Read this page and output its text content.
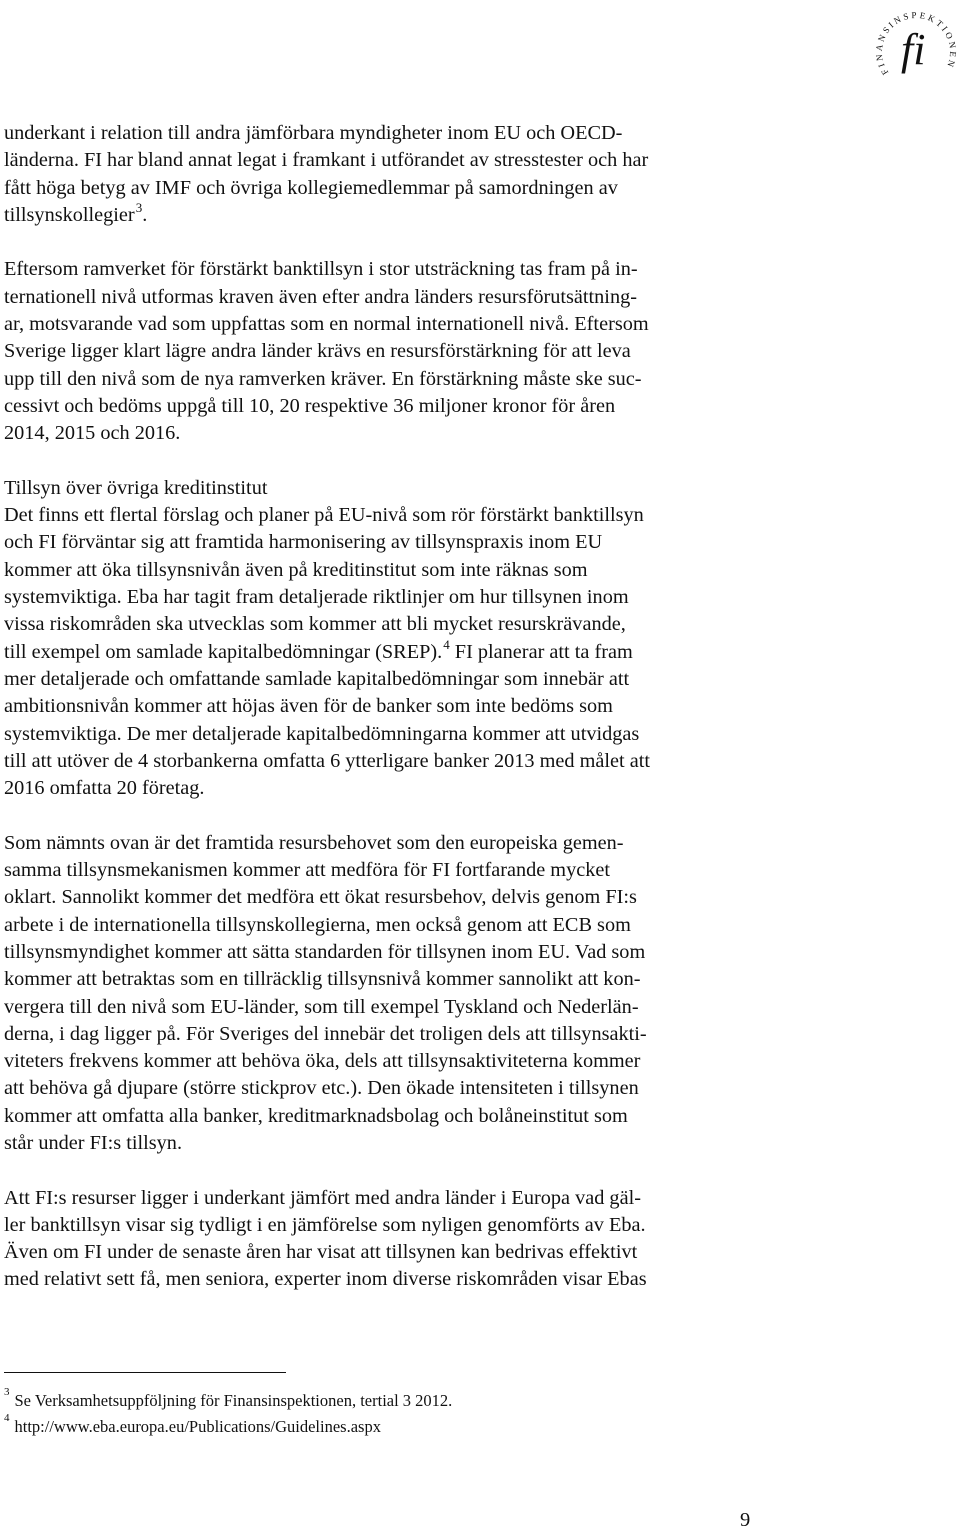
FINANSINSPEKTIONEN
fi

underkant i relation till andra jämförbara myndigheter inom EU och OECD-
länderna. FI har bland annat legat i framkant i utförandet av stresstester och har
fått höga betyg av IMF och övriga kollegiemedlemmar på samordningen av
tillsynskollegier$^3$.

Eftersom ramverket för förstärkt banktillsyn i stor utsträckning tas fram på in-
ternationell nivå utformas kraven även efter andra länders resursförutsättning-
ar, motsvarande vad som uppfattas som en normal internationell nivå. Eftersom
Sverige ligger klart lägre andra länder krävs en resursförstärkning för att leva
upp till den nivå som de nya ramverken kräver. En förstärkning måste ske suc-
cessivt och bedöms uppgå till 10, 20 respektive 36 miljoner kronor för åren
2014, 2015 och 2016.

Tillsyn över övriga kreditinstitut
Det finns ett flertal förslag och planer på EU-nivå som rör förstärkt banktillsyn
och FI förväntar sig att framtida harmonisering av tillsynspraxis inom EU
kommer att öka tillsynsnivån även på kreditinstitut som inte räknas som
systemviktiga. Eba har tagit fram detaljerade riktlinjer om hur tillsynen inom
vissa riskområden ska utvecklas som kommer att bli mycket resurskrävande,
till exempel om samlade kapitalbedömningar (SREP).$^4$ FI planerar att ta fram
mer detaljerade och omfattande samlade kapitalbedömningar som innebär att
ambitionsnivån kommer att höjas även för de banker som inte bedöms som
systemviktiga. De mer detaljerade kapitalbedömningarna kommer att utvidgas
till att utöver de 4 storbankerna omfatta 6 ytterligare banker 2013 med målet att
2016 omfatta 20 företag.

Som nämnts ovan är det framtida resursbehovet som den europeiska gemen-
samma tillsynsmekanismen kommer att medföra för FI fortfarande mycket
oklart. Sannolikt kommer det medföra ett ökat resursbehov, delvis genom FI:s
arbete i de internationella tillsynskollegierna, men också genom att ECB som
tillsynsmyndighet kommer att sätta standarden för tillsynen inom EU. Vad som
kommer att betraktas som en tillräcklig tillsynsnivå kommer sannolikt att kon-
vergera till den nivå som EU-länder, som till exempel Tyskland och Nederlän-
derna, i dag ligger på. För Sveriges del innebär det troligen dels att tillsynsakti-
viteters frekvens kommer att behöva öka, dels att tillsynsaktiviteterna kommer
att behöva gå djupare (större stickprov etc.). Den ökade intensiteten i tillsynen
kommer att omfatta alla banker, kreditmarknadsbolag och bolåneinstitut som
står under FI:s tillsyn.

Att FI:s resurser ligger i underkant jämfört med andra länder i Europa vad gäl-
ler banktillsyn visar sig tydligt i en jämförelse som nyligen genomförts av Eba.
Även om FI under de senaste åren har visat att tillsynen kan bedrivas effektivt
med relativt sett få, men seniora, experter inom diverse riskområden visar Ebas

$^3$ Se Verksamhetsuppföljning för Finansinspektionen, tertial 3 2012.
$^4$ http://www.eba.europa.eu/Publications/Guidelines.aspx
9
